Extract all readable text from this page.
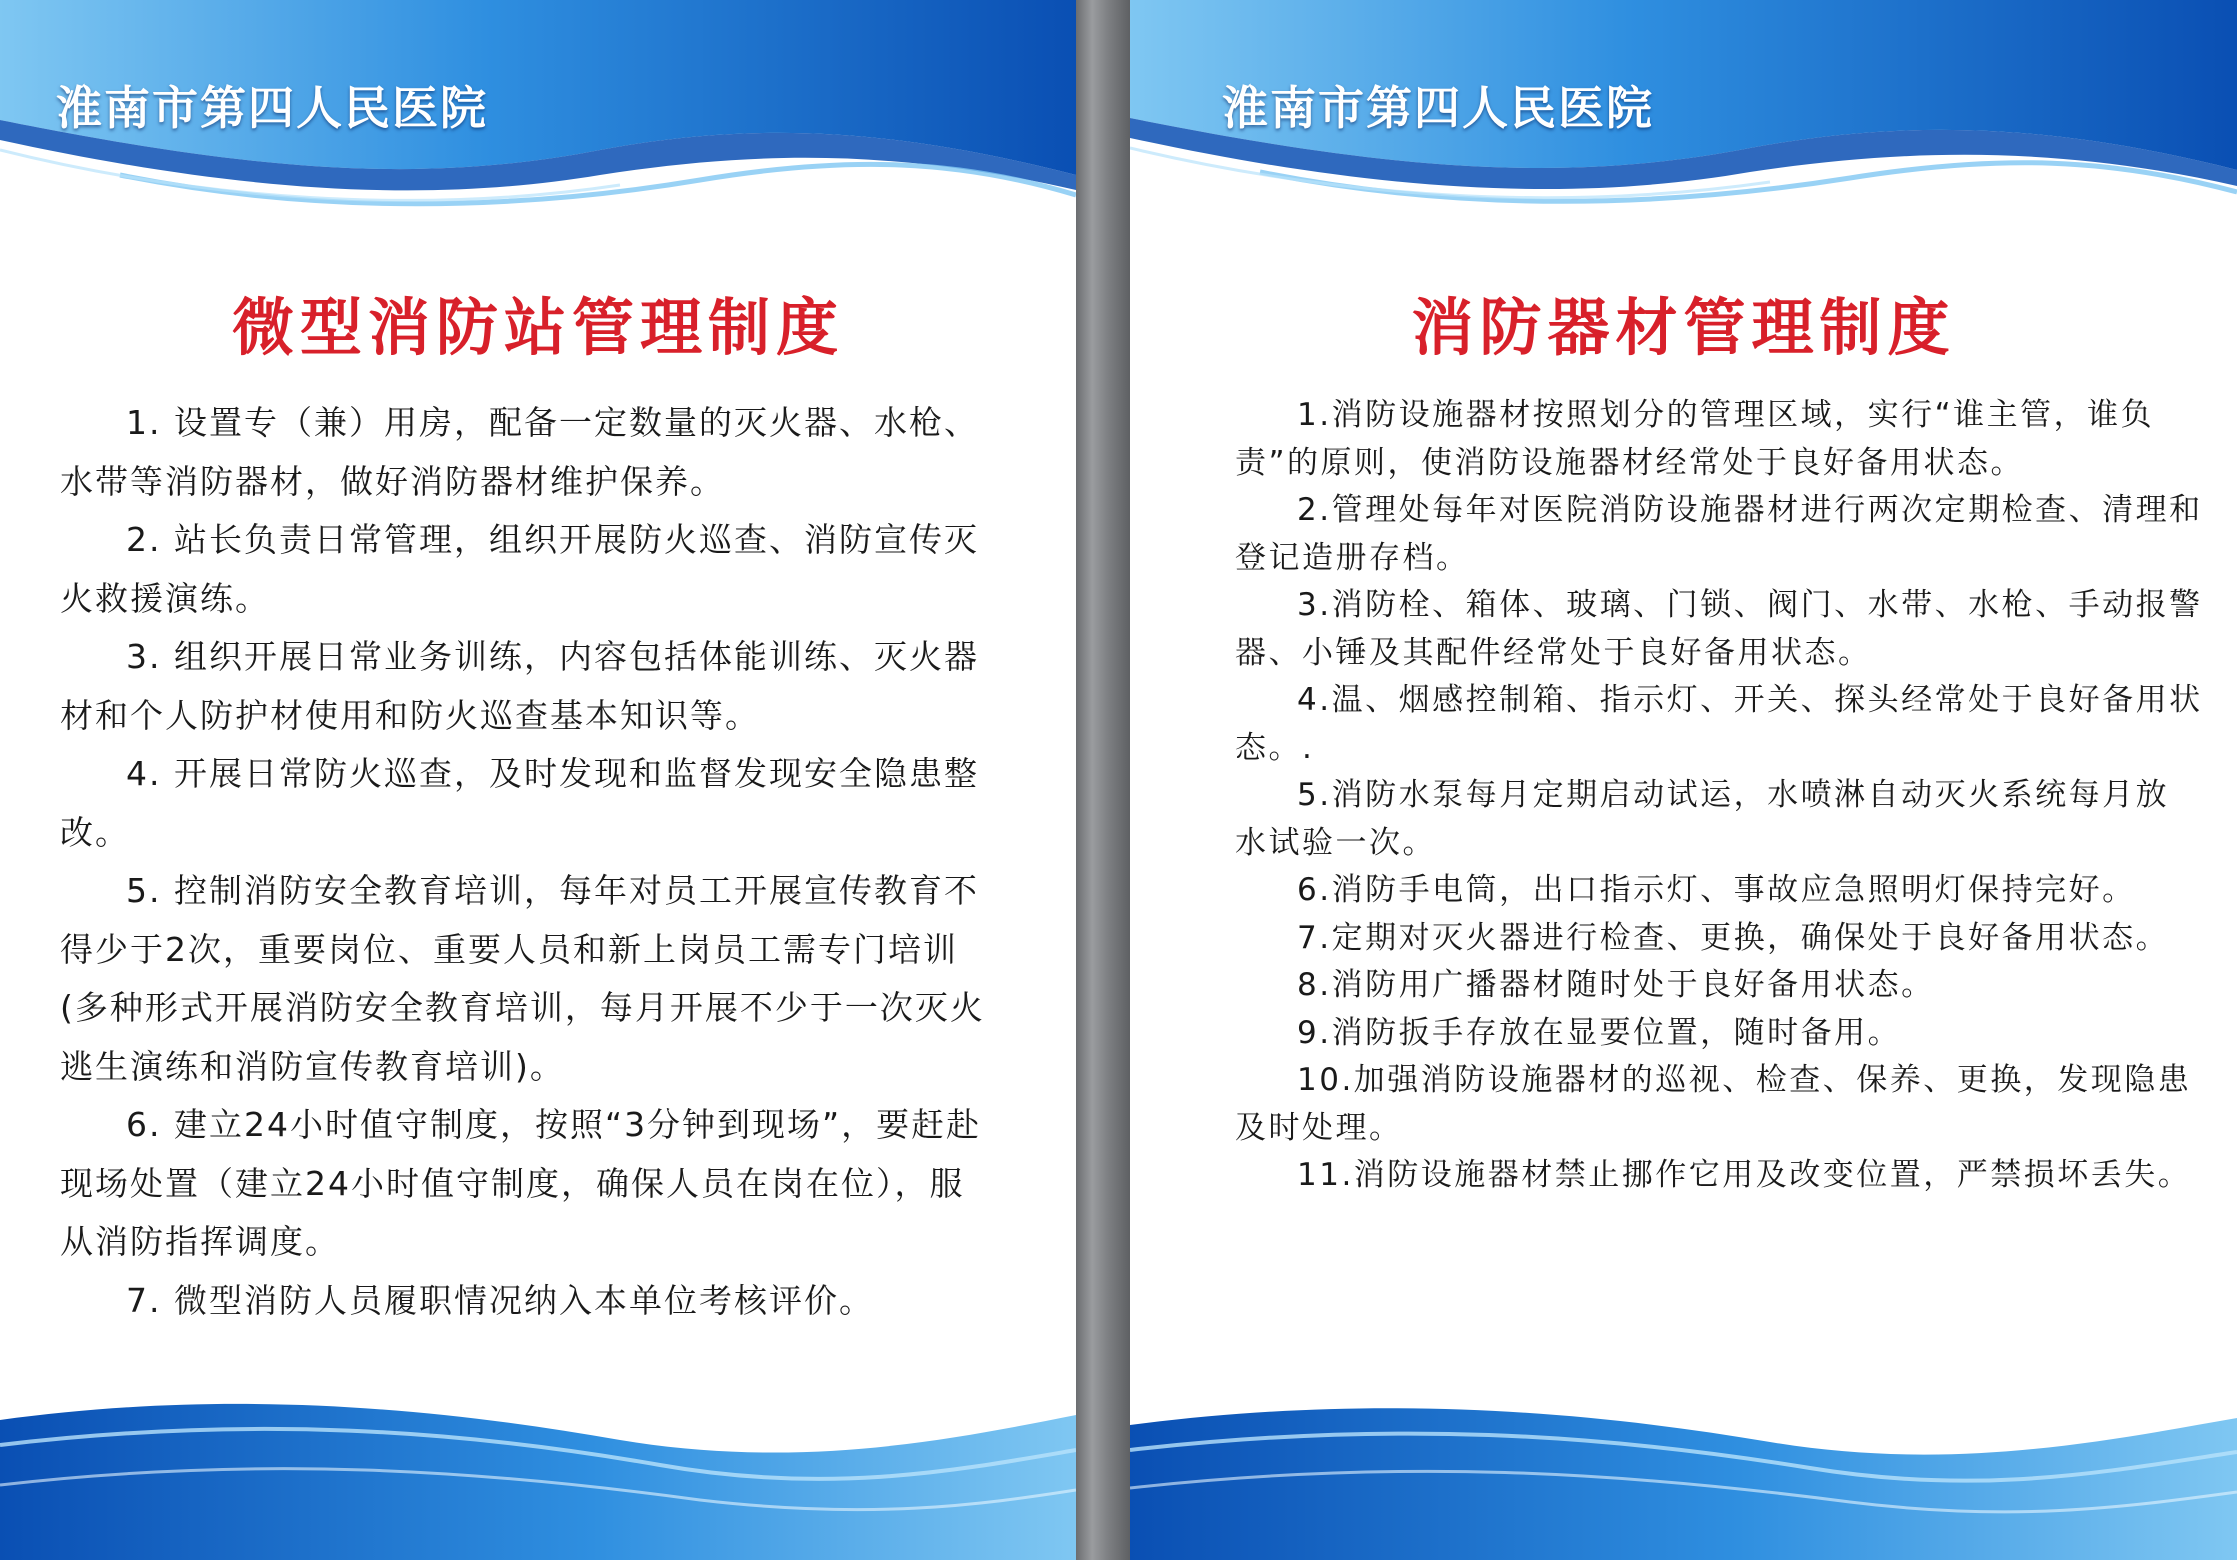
淮南市第四人民医院
微型消防站管理制度

1. 设置专（兼）用房，配备一定数量的灭火器、水枪、水带等消防器材，做好消防器材维护保养。

2. 站长负责日常管理，组织开展防火巡查、消防宣传灭火救援演练。

3. 组织开展日常业务训练，内容包括体能训练、灭火器材和个人防护材使用和防火巡查基本知识等。

4. 开展日常防火巡查，及时发现和监督发现安全隐患整改。

5. 控制消防安全教育培训，每年对员工开展宣传教育不得少于2次，重要岗位、重要人员和新上岗员工需专门培训(多种形式开展消防安全教育培训，每月开展不少于一次灭火逃生演练和消防宣传教育培训)。

6. 建立24小时值守制度，按照“3分钟到现场”，要赶赴现场处置（建立24小时值守制度，确保人员在岗在位），服从消防指挥调度。

7. 微型消防人员履职情况纳入本单位考核评价。

淮南市第四人民医院
消防器材管理制度

1.消防设施器材按照划分的管理区域，实行“谁主管，谁负责”的原则，使消防设施器材经常处于良好备用状态。

2.管理处每年对医院消防设施器材进行两次定期检查、清理和登记造册存档。

3.消防栓、箱体、玻璃、门锁、阀门、水带、水枪、手动报警器、小锤及其配件经常处于良好备用状态。

4.温、烟感控制箱、指示灯、开关、探头经常处于良好备用状态。.

5.消防水泵每月定期启动试运，水喷淋自动灭火系统每月放 水试验一次。

6.消防手电筒，出口指示灯、事故应急照明灯保持完好。

7.定期对灭火器进行检查、更换，确保处于良好备用状态。

8.消防用广播器材随时处于良好备用状态。

9.消防扳手存放在显要位置，随时备用。

10.加强消防设施器材的巡视、检查、保养、更换，发现隐患及时处理。

11.消防设施器材禁止挪作它用及改变位置，严禁损坏丢失。
